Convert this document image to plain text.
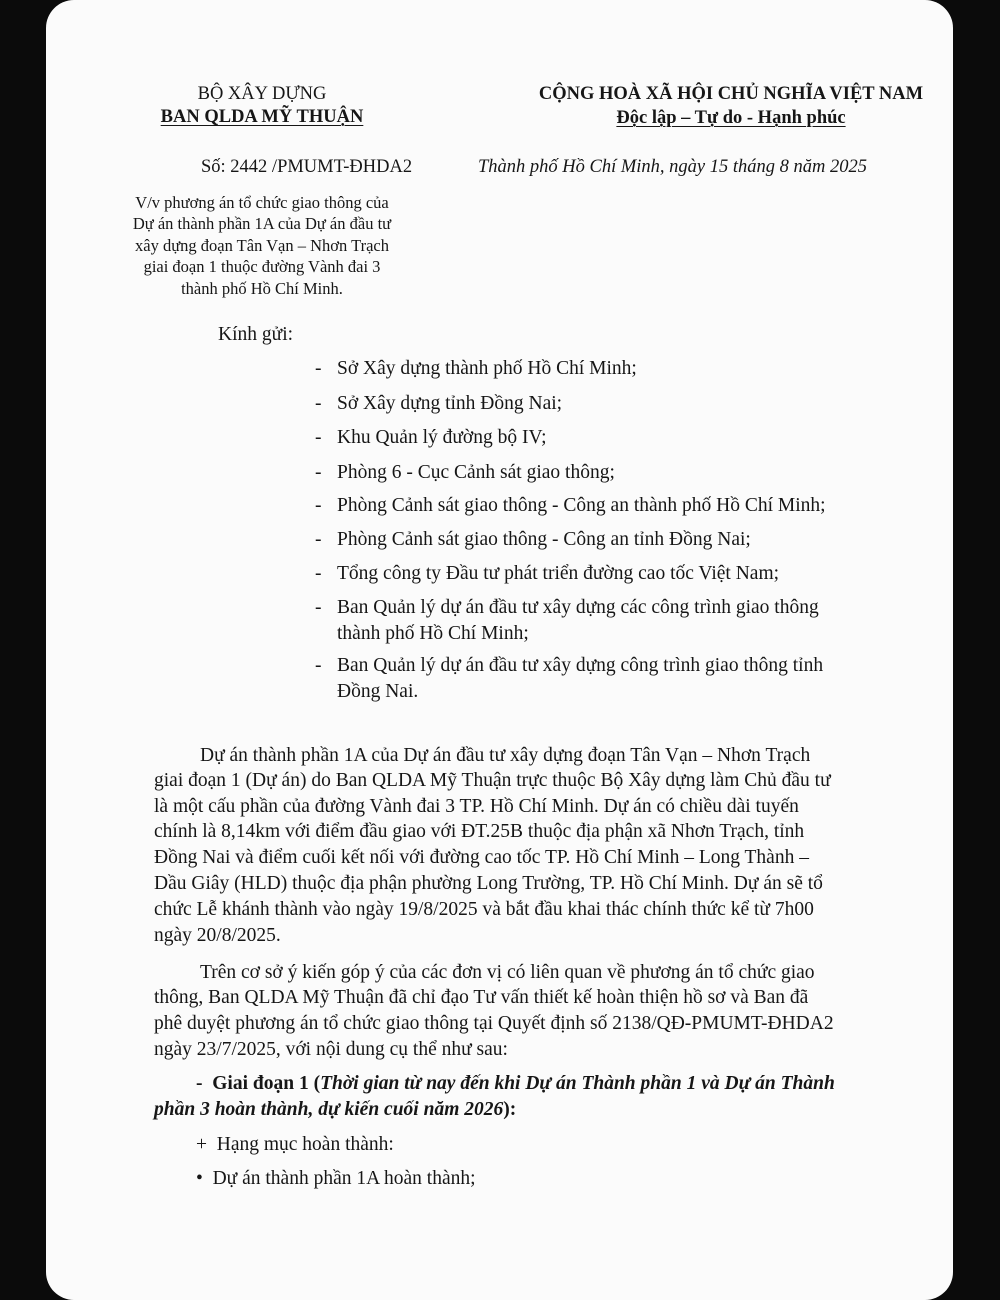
BỘ XÂY DỰNG
BAN QLDA MỸ THUẬN
CỘNG HOÀ XÃ HỘI CHỦ NGHĨA VIỆT NAM
Độc lập – Tự do - Hạnh phúc
Số: 2442 /PMUMT-ĐHDA2	Thành phố Hồ Chí Minh, ngày 15 tháng 8 năm 2025
V/v phương án tổ chức giao thông của
Dự án thành phần 1A của Dự án đầu tư
xây dựng đoạn Tân Vạn – Nhơn Trạch
giai đoạn 1 thuộc đường Vành đai 3
thành phố Hồ Chí Minh.
Kính gửi:
- Sở Xây dựng thành phố Hồ Chí Minh;
- Sở Xây dựng tỉnh Đồng Nai;
- Khu Quản lý đường bộ IV;
- Phòng 6 - Cục Cảnh sát giao thông;
- Phòng Cảnh sát giao thông - Công an thành phố Hồ Chí Minh;
- Phòng Cảnh sát giao thông - Công an tỉnh Đồng Nai;
- Tổng công ty Đầu tư phát triển đường cao tốc Việt Nam;
- Ban Quản lý dự án đầu tư xây dựng các công trình giao thông
thành phố Hồ Chí Minh;
- Ban Quản lý dự án đầu tư xây dựng công trình giao thông tỉnh
Đồng Nai.
Dự án thành phần 1A của Dự án đầu tư xây dựng đoạn Tân Vạn – Nhơn Trạch
giai đoạn 1 (Dự án) do Ban QLDA Mỹ Thuận trực thuộc Bộ Xây dựng làm Chủ đầu tư
là một cấu phần của đường Vành đai 3 TP. Hồ Chí Minh. Dự án có chiều dài tuyến
chính là 8,14km với điểm đầu giao với ĐT.25B thuộc địa phận xã Nhơn Trạch, tỉnh
Đồng Nai và điểm cuối kết nối với đường cao tốc TP. Hồ Chí Minh – Long Thành –
Dầu Giây (HLD) thuộc địa phận phường Long Trường, TP. Hồ Chí Minh. Dự án sẽ tổ
chức Lễ khánh thành vào ngày 19/8/2025 và bắt đầu khai thác chính thức kể từ 7h00
ngày 20/8/2025.
Trên cơ sở ý kiến góp ý của các đơn vị có liên quan về phương án tổ chức giao
thông, Ban QLDA Mỹ Thuận đã chỉ đạo Tư vấn thiết kế hoàn thiện hồ sơ và Ban đã
phê duyệt phương án tổ chức giao thông tại Quyết định số 2138/QĐ-PMUMT-ĐHDA2
ngày 23/7/2025, với nội dung cụ thể như sau:
- Giai đoạn 1 (Thời gian từ nay đến khi Dự án Thành phần 1 và Dự án Thành
phần 3 hoàn thành, dự kiến cuối năm 2026):
+ Hạng mục hoàn thành:
• Dự án thành phần 1A hoàn thành;
